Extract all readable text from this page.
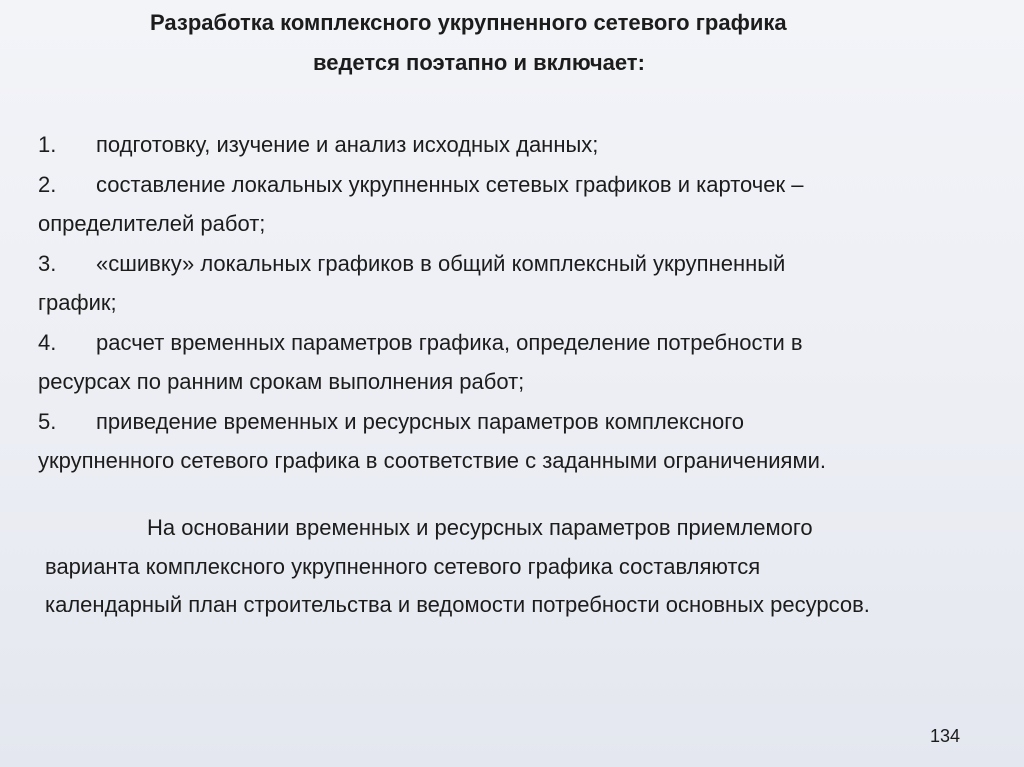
Разработка комплексного укрупненного сетевого графика
ведется поэтапно и включает:
1. подготовку, изучение и анализ исходных данных;
2. составление локальных укрупненных сетевых графиков и карточек –
определителей работ;
3. «сшивку» локальных графиков в общий комплексный укрупненный
график;
4. расчет временных параметров графика, определение потребности в
ресурсах по ранним срокам выполнения работ;
5. приведение временных и ресурсных параметров комплексного
укрупненного сетевого графика в соответствие с заданными ограничениями.
На основании временных и ресурсных параметров приемлемого
варианта комплексного укрупненного сетевого графика составляются
календарный план строительства и ведомости потребности основных ресурсов.
134
